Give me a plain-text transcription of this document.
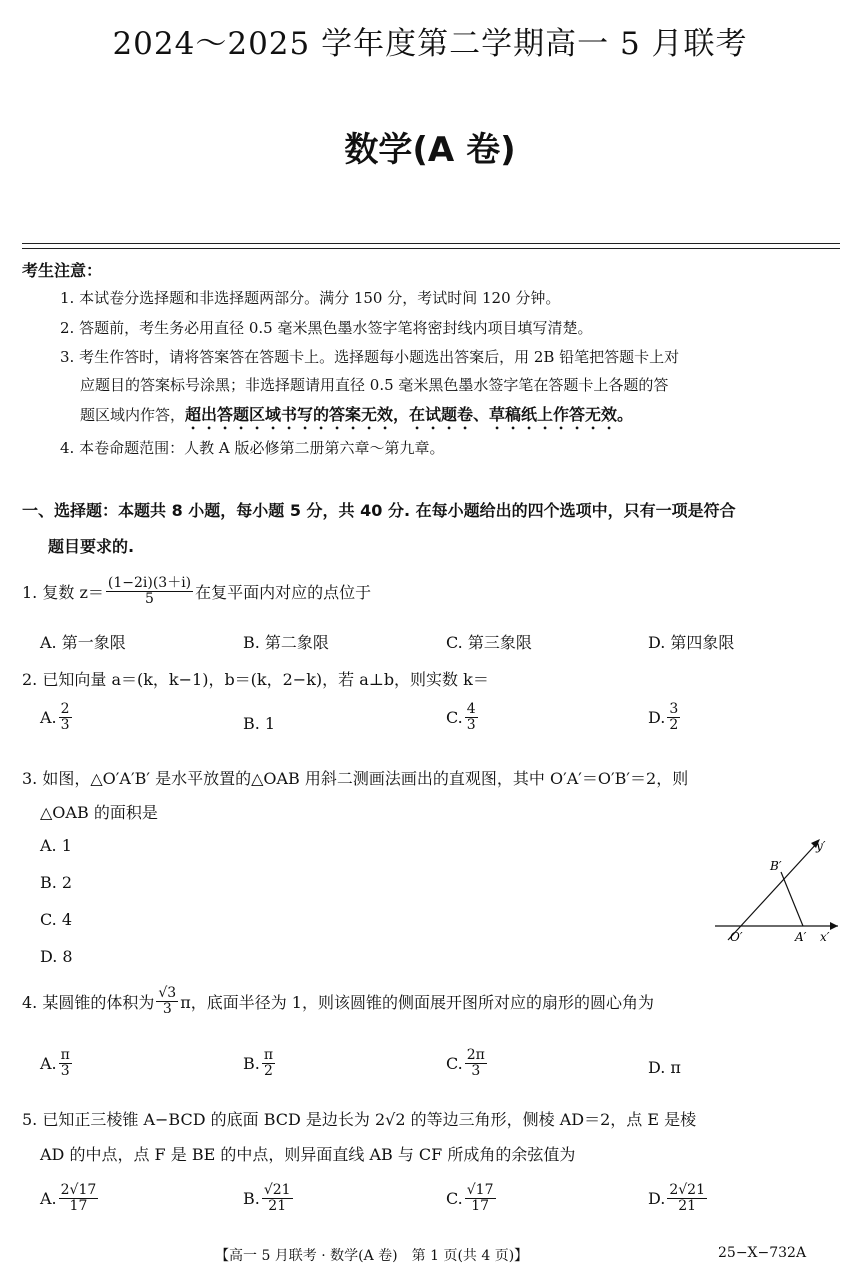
2024～2025 学年度第二学期高一 5 月联考
数学(A 卷)
考生注意：
1. 本试卷分选择题和非选择题两部分。满分 150 分，考试时间 120 分钟。
2. 答题前，考生务必用直径 0.5 毫米黑色墨水签字笔将密封线内项目填写清楚。
3. 考生作答时，请将答案答在答题卡上。选择题每小题选出答案后，用 2B 铅笔把答题卡上对
应题目的答案标号涂黑；非选择题请用直径 0.5 毫米黑色墨水签字笔在答题卡上各题的答
题区域内作答，超出答题区域书写的答案无效，在试题卷、草稿纸上作答无效。
4. 本卷命题范围：人教 A 版必修第二册第六章～第九章。
一、选择题：本题共 8 小题，每小题 5 分，共 40 分. 在每小题给出的四个选项中，只有一项是符合
题目要求的.
1. 复数 $z= \frac{(1-2i)(3+i)}{5}$ 在复平面内对应的点位于
A. 第一象限	B. 第二象限	C. 第三象限	D. 第四象限
2. 已知向量 a＝(k，k−1)，b＝(k，2−k)，若 a⊥b，则实数 k＝
A. $\frac{2}{3}$	B. 1	C. $\frac{4}{3}$	D. $\frac{3}{2}$
3. 如图，△O′A′B′ 是水平放置的△OAB 用斜二测画法画出的直观图，其中 O′A′＝O′B′＝2，则
△OAB 的面积是
A. 1
B. 2
C. 4
D. 8
y′
x′
B′
O′	A′
4. 某圆锥的体积为 $\frac{√3}{3}$ π，底面半径为 1，则该圆锥的侧面展开图所对应的扇形的圆心角为
A. $\frac{\pi}{3}$	B. $\frac{\pi}{2}$	C. $\frac{2\pi}{3}$	D. π
5. 已知正三棱锥 A−BCD 的底面 BCD 是边长为 2√2 的等边三角形，侧棱 AD＝2，点 E 是棱
AD 的中点，点 F 是 BE 的中点，则异面直线 AB 与 CF 所成角的余弦值为
A. $\frac{2√17}{17}$	B. $\frac{√21}{21}$	C. $\frac{√17}{17}$	D. $\frac{2√21}{21}$
【高一 5 月联考 · 数学(A 卷)　第 1 页(共 4 页)】	25−X−732A
